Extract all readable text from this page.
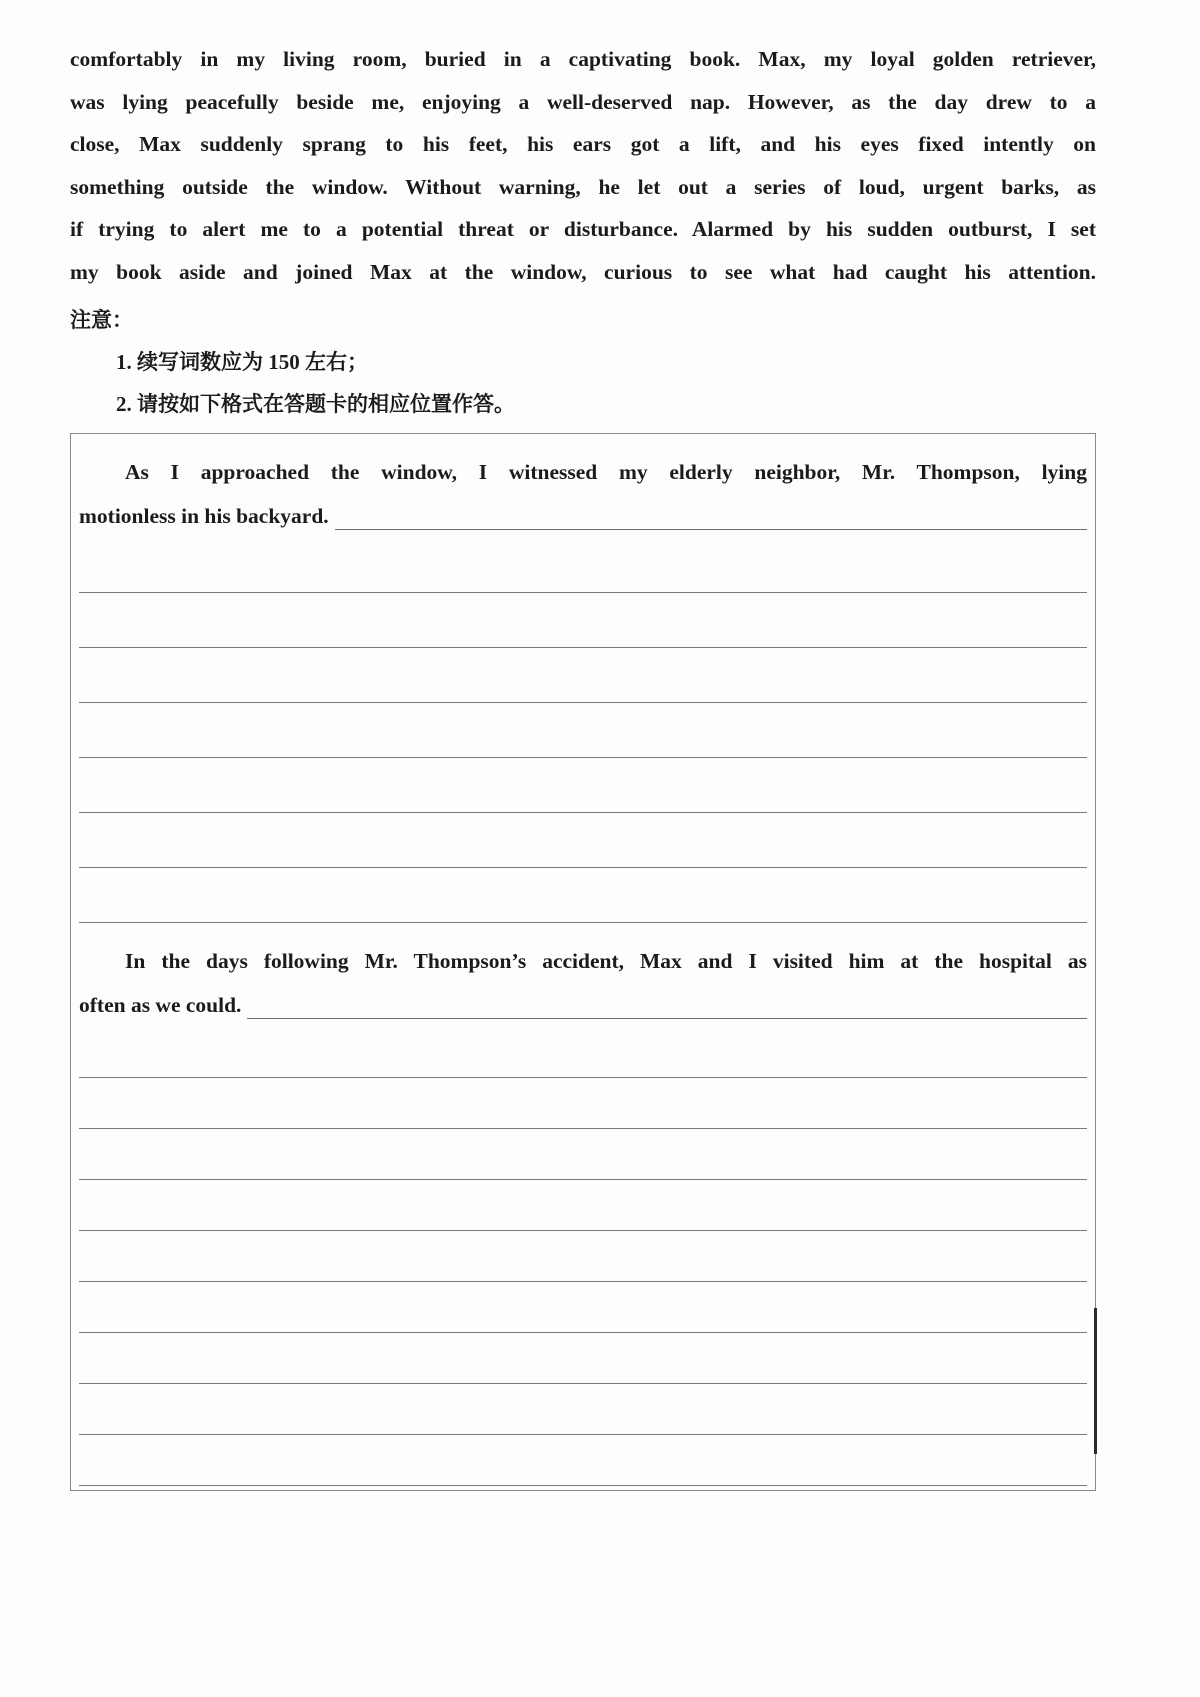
comfortably in my living room, buried in a captivating book. Max, my loyal golden retriever,
was lying peacefully beside me, enjoying a well-deserved nap. However, as the day drew to a
close, Max suddenly sprang to his feet, his ears got a lift, and his eyes fixed intently on
something outside the window. Without warning, he let out a series of loud, urgent barks, as
if trying to alert me to a potential threat or disturbance. Alarmed by his sudden outburst, I set
my book aside and joined Max at the window, curious to see what had caught his attention.
注意：
1. 续写词数应为 150 左右；
2. 请按如下格式在答题卡的相应位置作答。
As I approached the window, I witnessed my elderly neighbor, Mr. Thompson, lying
motionless in his backyard.
In the days following Mr. Thompson’s accident, Max and I visited him at the hospital as
often as we could.
